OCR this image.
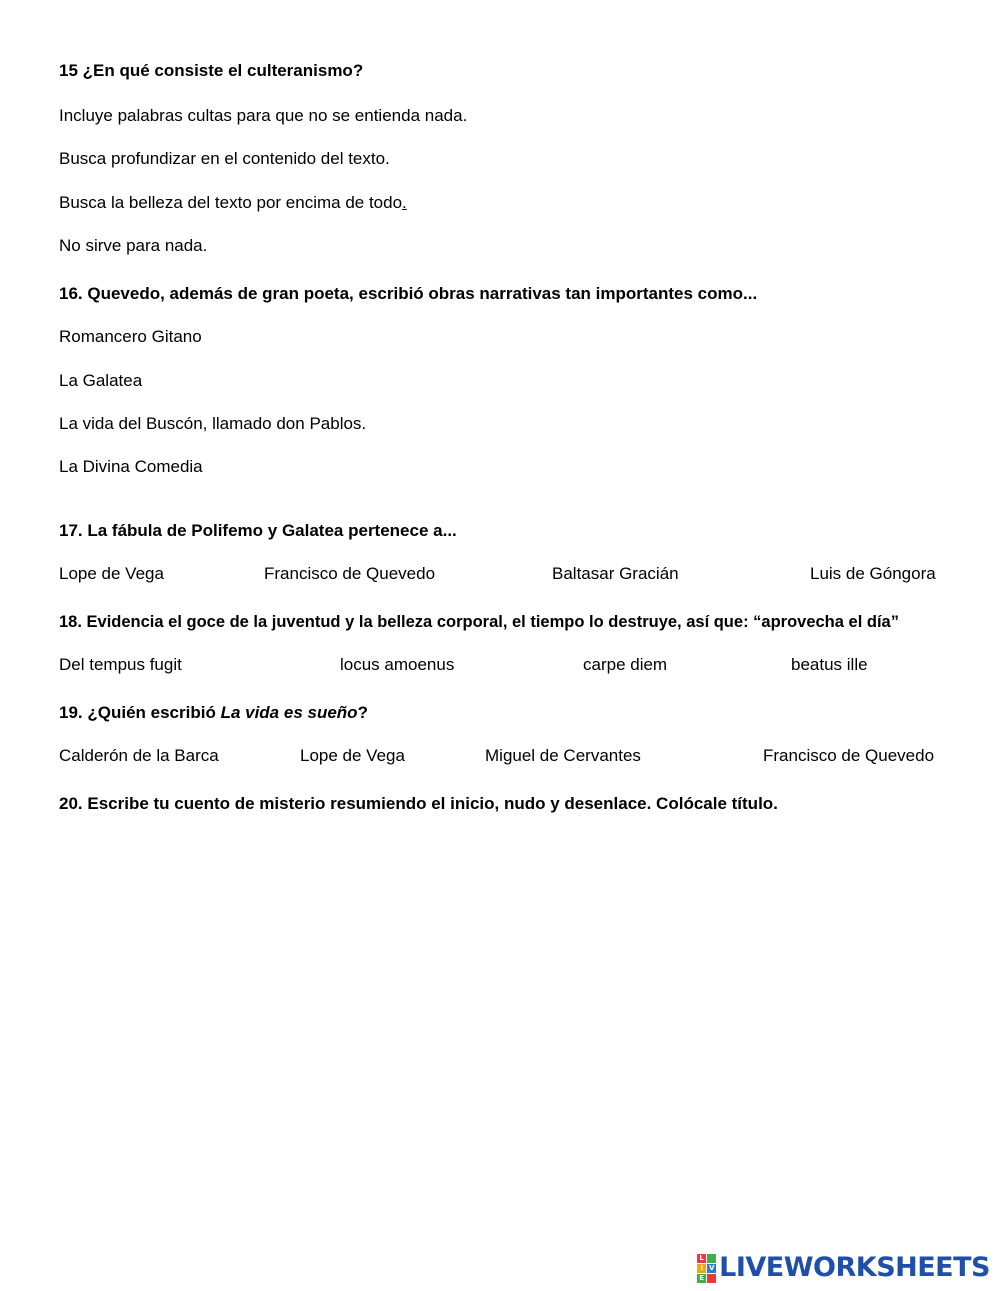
15 ¿En qué consiste el culteranismo?
Incluye palabras cultas para que no se entienda nada.
Busca profundizar en el contenido del texto.
Busca la belleza del texto por encima de todo.
No sirve para nada.
16. Quevedo, además de gran poeta, escribió obras narrativas tan importantes como...
Romancero Gitano
La Galatea
La vida del Buscón, llamado don Pablos.
La Divina Comedia
17. La fábula de Polifemo y Galatea pertenece a...
Lope de Vega	Francisco de Quevedo	Baltasar Gracián	Luis de Góngora
18. Evidencia el goce de la juventud y la belleza corporal, el tiempo lo destruye, así que: “aprovecha el día”
Del tempus fugit	locus amoenus	carpe diem	beatus ille
19. ¿Quién escribió La vida es sueño?
Calderón de la Barca	Lope de Vega	Miguel de Cervantes	Francisco de Quevedo
20. Escribe tu cuento de misterio resumiendo el inicio, nudo y desenlace. Colócale título.
L
I V
E LIVEWORKSHEETS
